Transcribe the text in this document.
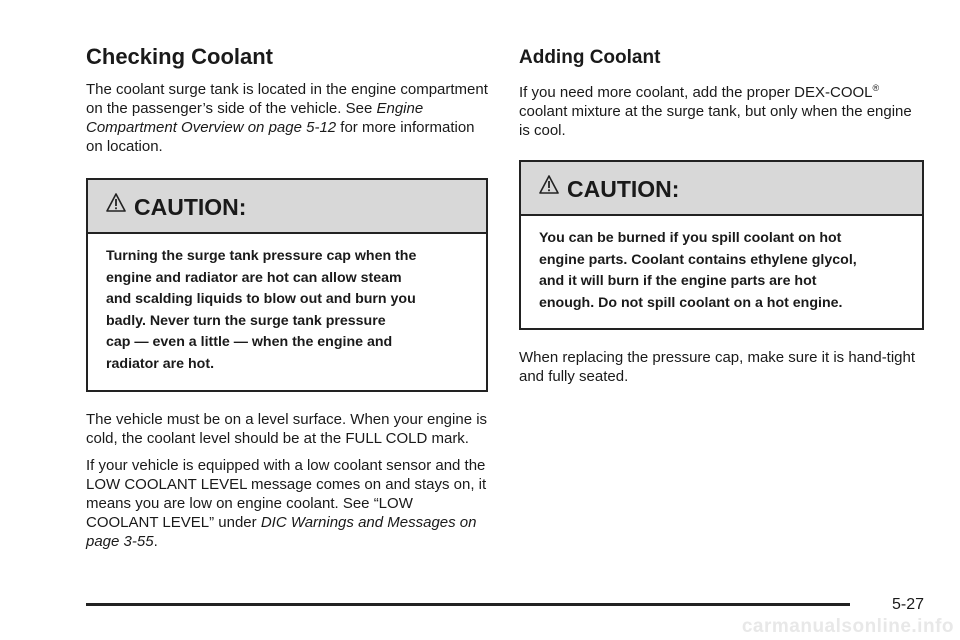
Checking Coolant

The coolant surge tank is located in the engine compartment on the passenger’s side of the vehicle. See Engine Compartment Overview on page 5-12 for more information on location.

CAUTION:
Turning the surge tank pressure cap when the
engine and radiator are hot can allow steam
and scalding liquids to blow out and burn you
badly. Never turn the surge tank pressure
cap — even a little — when the engine and
radiator are hot.

The vehicle must be on a level surface. When your engine is cold, the coolant level should be at the FULL COLD mark.

If your vehicle is equipped with a low coolant sensor and the LOW COOLANT LEVEL message comes on and stays on, it means you are low on engine coolant. See “LOW COOLANT LEVEL” under DIC Warnings and Messages on page 3-55.

Adding Coolant

If you need more coolant, add the proper DEX-COOL® coolant mixture at the surge tank, but only when the engine is cool.

CAUTION:
You can be burned if you spill coolant on hot
engine parts. Coolant contains ethylene glycol,
and it will burn if the engine parts are hot
enough. Do not spill coolant on a hot engine.

When replacing the pressure cap, make sure it is hand-tight and fully seated.

5-27
carmanualsonline.info
